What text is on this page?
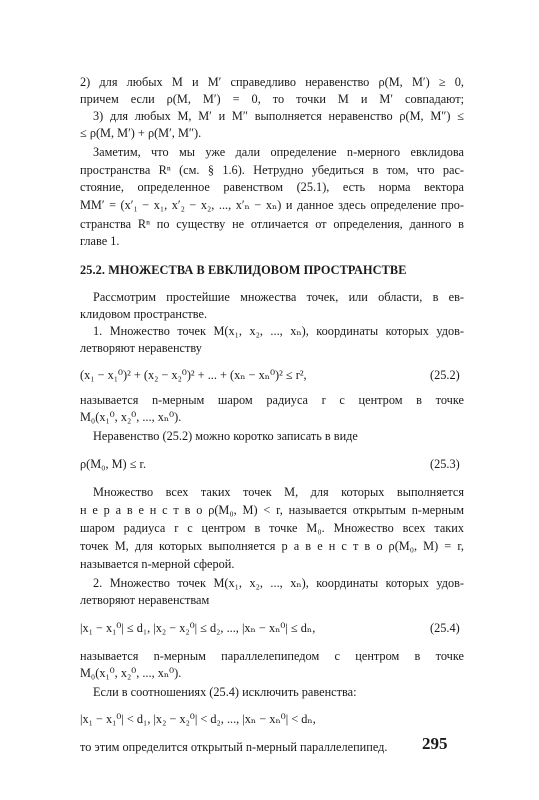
2) для любых M и M′ справедливо неравенство ρ(M, M′) ≥ 0,
причем если ρ(M, M′) = 0, то точки M и M′ совпадают;
3) для любых M, M′ и M″ выполняется неравенство ρ(M, M″) ≤
≤ ρ(M, M′) + ρ(M′, M″).
Заметим, что мы уже дали определение n-мерного евклидова
пространства Rⁿ (см. § 1.6). Нетрудно убедиться в том, что рас-
стояние, определенное равенством (25.1), есть норма вектора
MM′ = (x′₁ − x₁, x′₂ − x₂, ..., x′ₙ − xₙ) и данное здесь определение про-
странства Rⁿ по существу не отличается от определения, данного в
главе 1.
25.2. МНОЖЕСТВА В ЕВКЛИДОВОМ ПРОСТРАНСТВЕ
Рассмотрим простейшие множества точек, или области, в ев-
клидовом пространстве.
1. Множество точек M(x₁, x₂, ..., xₙ), координаты которых удов-
летворяют неравенству
(x₁ − x₁⁰)² + (x₂ − x₂⁰)² + ... + (xₙ − xₙ⁰)² ≤ r²,	(25.2)
называется n-мерным шаром радиуса r с центром в точке
M₀(x₁⁰, x₂⁰, ..., xₙ⁰).
Неравенство (25.2) можно коротко записать в виде
ρ(M₀, M) ≤ r.	(25.3)
Множество всех таких точек M, для которых выполняется
н е р а в е н с т в о ρ(M₀, M) < r, называется открытым n-мерным
шаром радиуса r с центром в точке M₀. Множество всех таких
точек M, для которых выполняется р а в е н с т в о ρ(M₀, M) = r,
называется n-мерной сферой.
2. Множество точек M(x₁, x₂, ..., xₙ), координаты которых удов-
летворяют неравенствам
|x₁ − x₁⁰| ≤ d₁, |x₂ − x₂⁰| ≤ d₂, ..., |xₙ − xₙ⁰| ≤ dₙ,	(25.4)
называется n-мерным параллелепипедом с центром в точке
M₀(x₁⁰, x₂⁰, ..., xₙ⁰).
Если в соотношениях (25.4) исключить равенства:
|x₁ − x₁⁰| < d₁, |x₂ − x₂⁰| < d₂, ..., |xₙ − xₙ⁰| < dₙ,
то этим определится открытый n-мерный параллелепипед.	295
